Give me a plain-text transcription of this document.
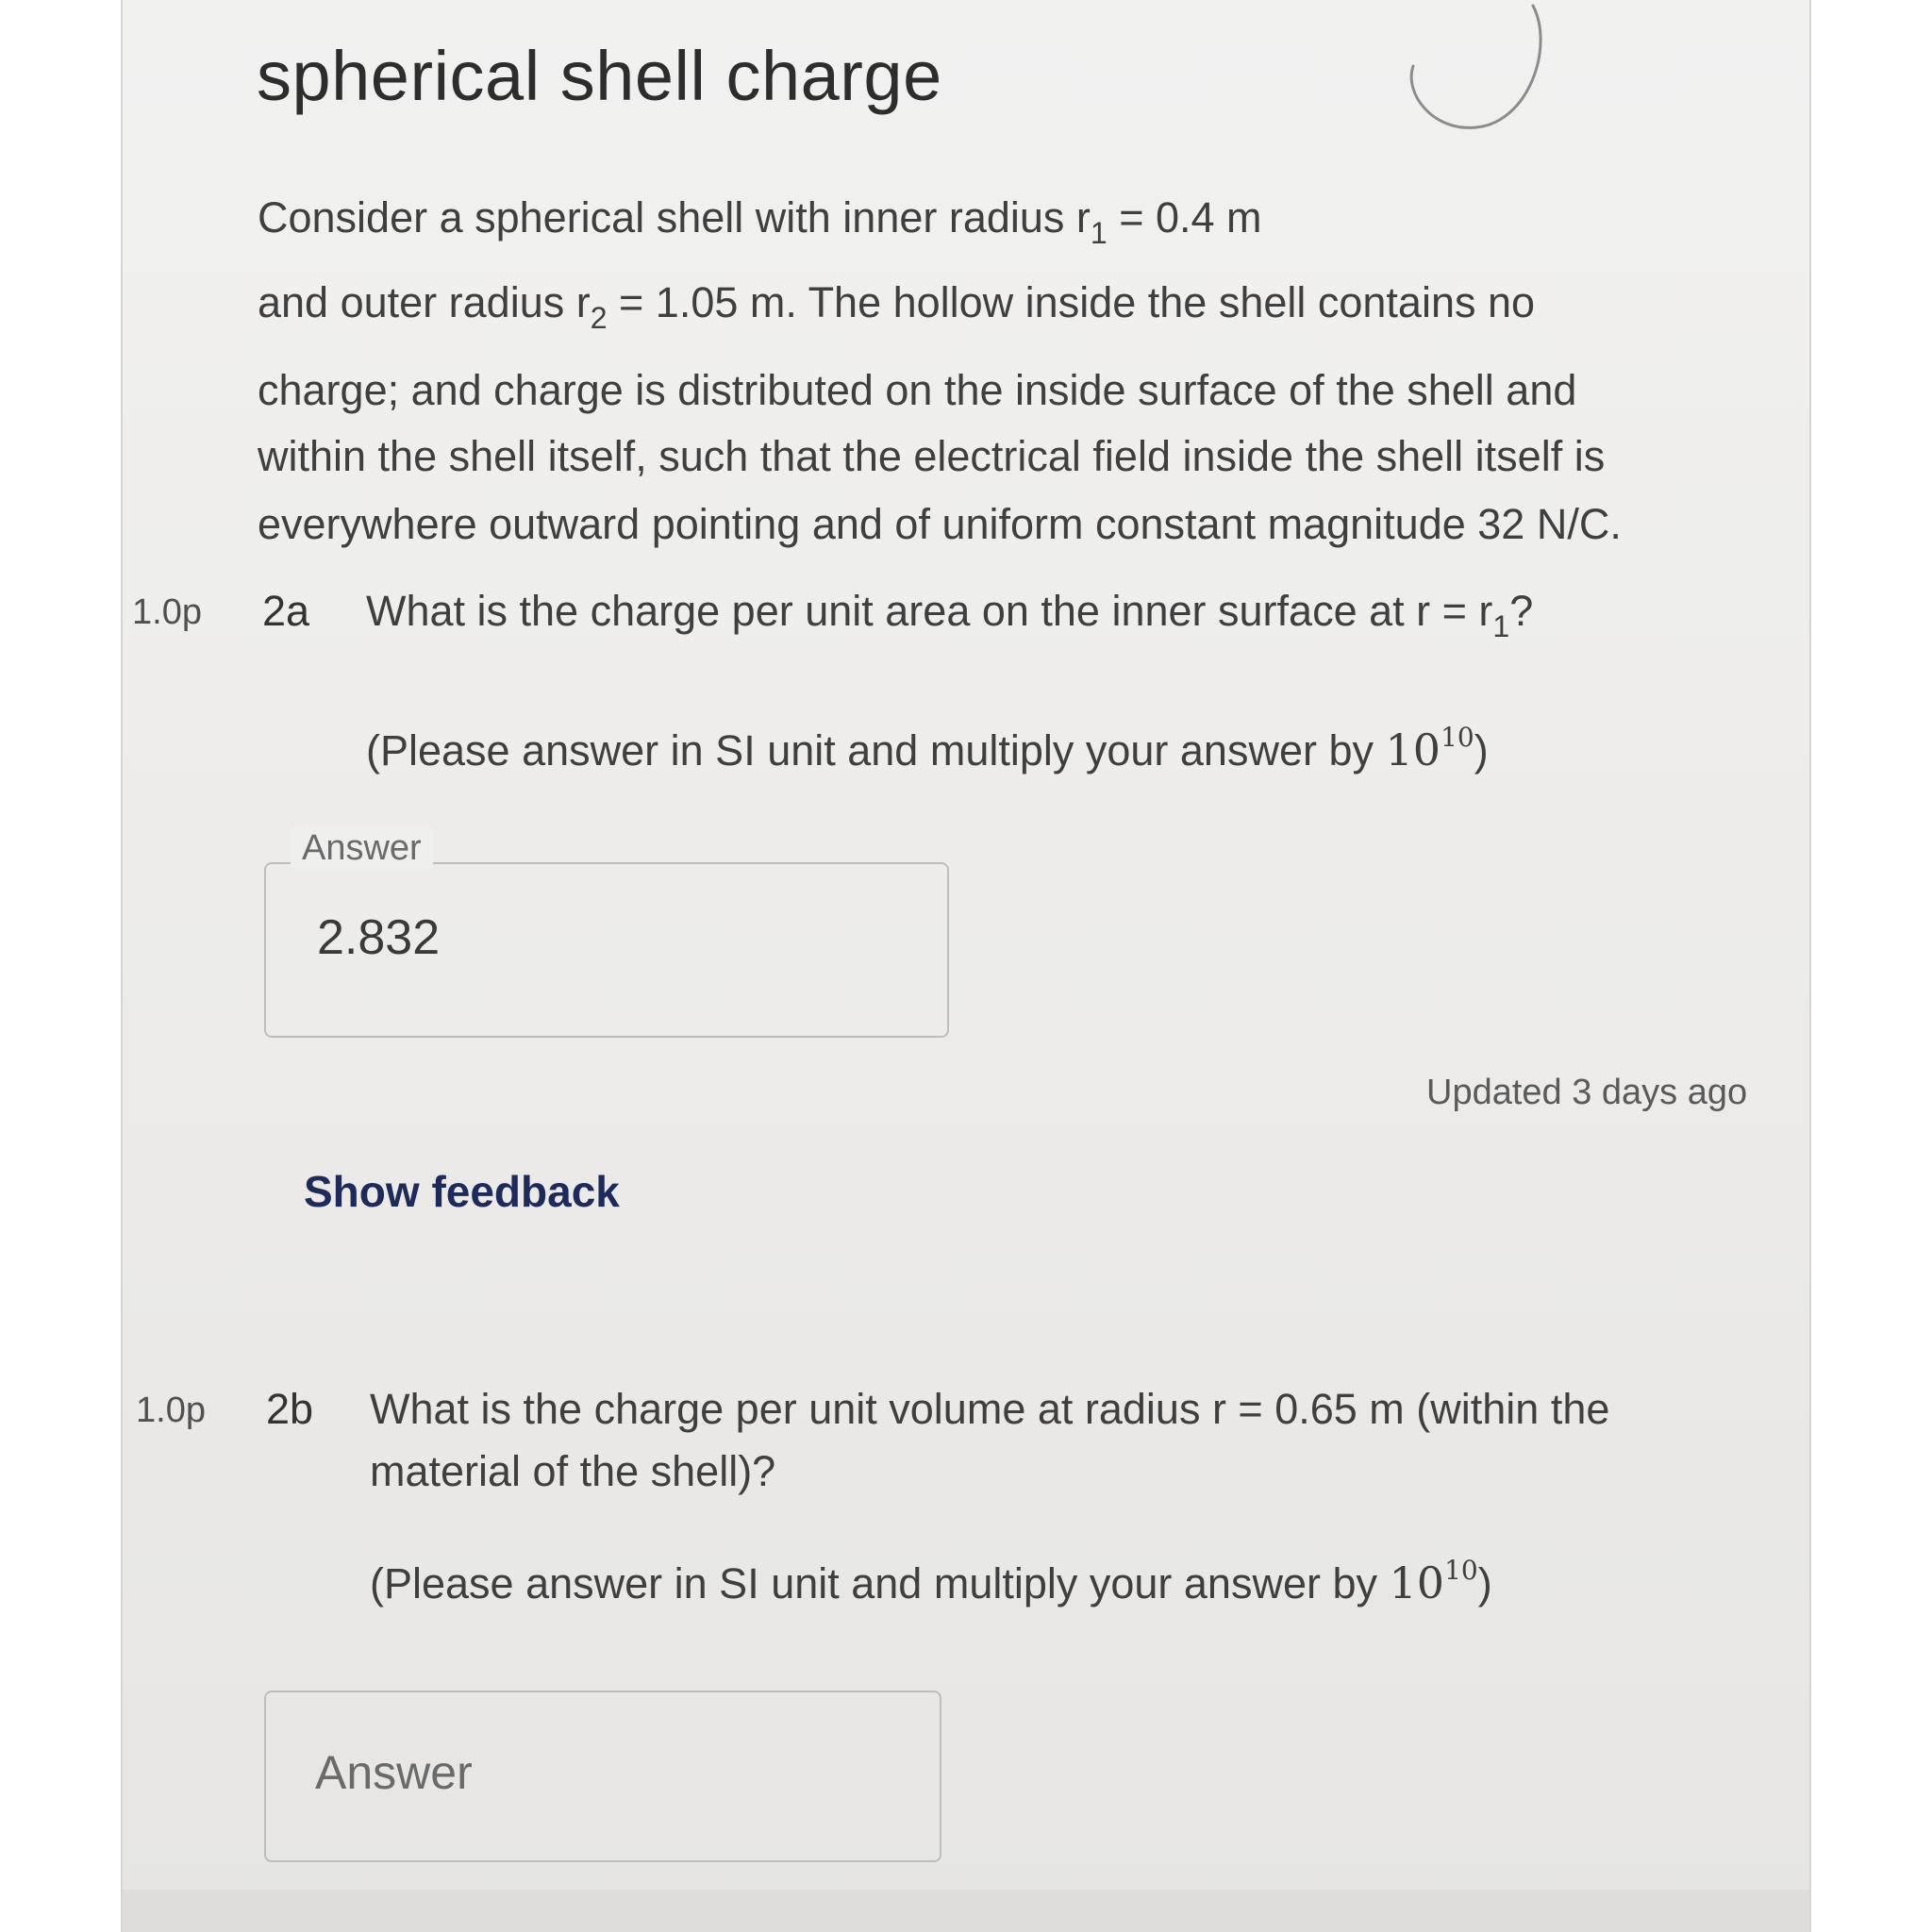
spherical shell charge
Consider a spherical shell with inner radius $r_1 = 0.4$ m
and outer radius $r_2 = 1.05$ m. The hollow inside the shell contains no
charge; and charge is distributed on the inside surface of the shell and
within the shell itself, such that the electrical field inside the shell itself is
everywhere outward pointing and of uniform constant magnitude 32 N/C.
1.0p 2a What is the charge per unit area on the inner surface at $r = r_1$?
(Please answer in SI unit and multiply your answer by $10^{10}$)
Answer
2.832
Updated 3 days ago
Show feedback
1.0p 2b What is the charge per unit volume at radius r = 0.65 m (within the
material of the shell)?
(Please answer in SI unit and multiply your answer by $10^{10}$)
Answer
